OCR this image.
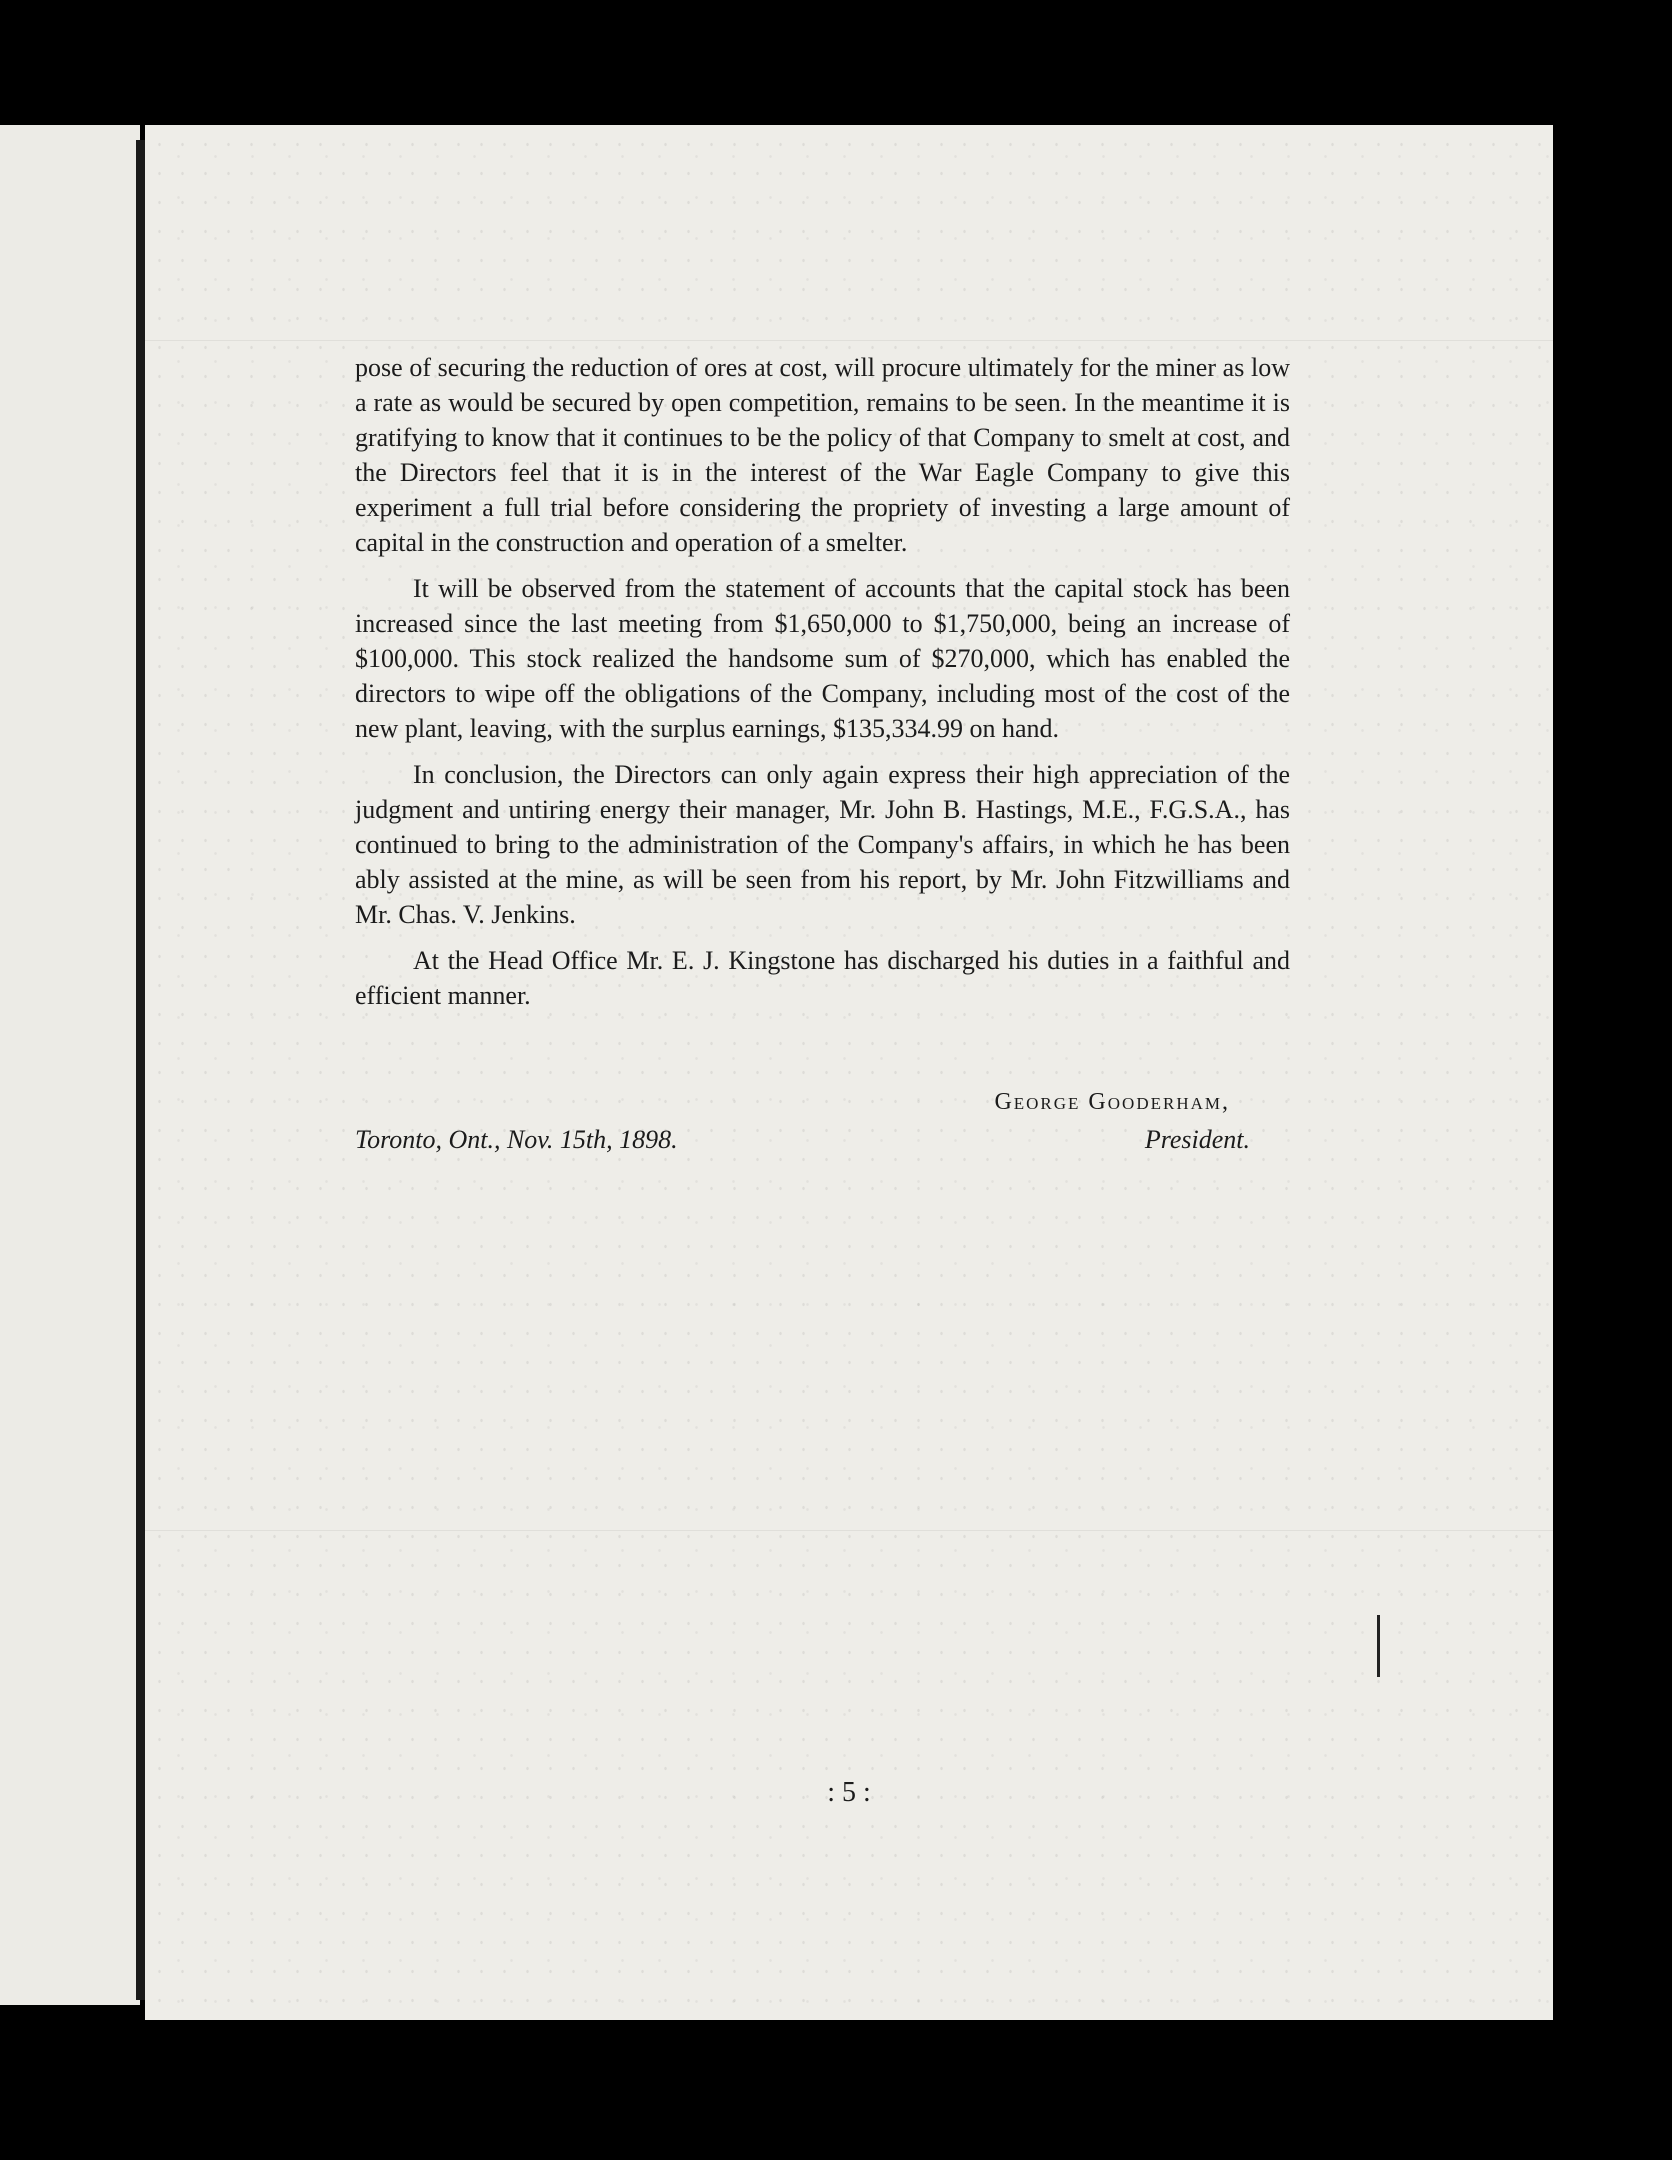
pose of securing the reduction of ores at cost, will procure ultimately for the miner as low a rate as would be secured by open competition, remains to be seen. In the meantime it is gratifying to know that it continues to be the policy of that Company to smelt at cost, and the Directors feel that it is in the interest of the War Eagle Company to give this experiment a full trial before considering the propriety of investing a large amount of capital in the construction and operation of a smelter.

It will be observed from the statement of accounts that the capital stock has been increased since the last meeting from $1,650,000 to $1,750,000, being an increase of $100,000. This stock realized the handsome sum of $270,000, which has enabled the directors to wipe off the obligations of the Company, including most of the cost of the new plant, leaving, with the surplus earnings, $135,334.99 on hand.

In conclusion, the Directors can only again express their high appreciation of the judgment and untiring energy their manager, Mr. John B. Hastings, M.E., F.G.S.A., has continued to bring to the administration of the Company's affairs, in which he has been ably assisted at the mine, as will be seen from his report, by Mr. John Fitzwilliams and Mr. Chas. V. Jenkins.

At the Head Office Mr. E. J. Kingstone has discharged his duties in a faithful and efficient manner.

George Gooderham,
Toronto, Ont., Nov. 15th, 1898.	President.
: 5 :
